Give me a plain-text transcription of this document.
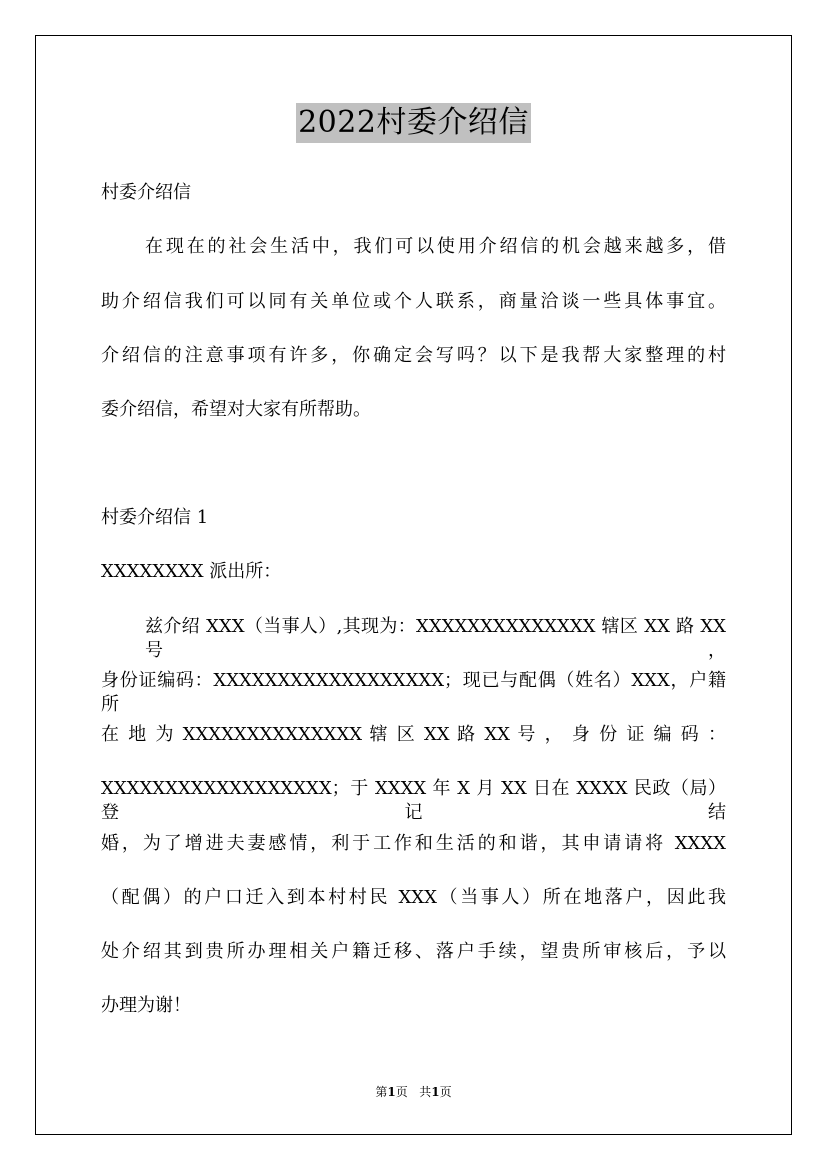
2022村委介绍信
村委介绍信
在现在的社会生活中，我们可以使用介绍信的机会越来越多，借
助介绍信我们可以同有关单位或个人联系，商量洽谈一些具体事宜。
介绍信的注意事项有许多，你确定会写吗？以下是我帮大家整理的村
委介绍信，希望对大家有所帮助。
村委介绍信 1
XXXXXXXX 派出所：
兹介绍 XXX（当事人）,其现为：XXXXXXXXXXXXXX 辖区 XX 路 XX 号，
身份证编码：XXXXXXXXXXXXXXXXXX；现已与配偶（姓名）XXX，户籍所
在 地 为 XXXXXXXXXXXXXX 辖 区 XX 路 XX 号 ， 身 份 证 编 码 ：
XXXXXXXXXXXXXXXXXX；于 XXXX 年 X 月 XX 日在 XXXX 民政（局）登记结
婚，为了增进夫妻感情，利于工作和生活的和谐，其申请请将 XXXX
（配偶）的户口迁入到本村村民 XXX（当事人）所在地落户，因此我
处介绍其到贵所办理相关户籍迁移、落户手续，望贵所审核后，予以
办理为谢！
第1页 共1页
